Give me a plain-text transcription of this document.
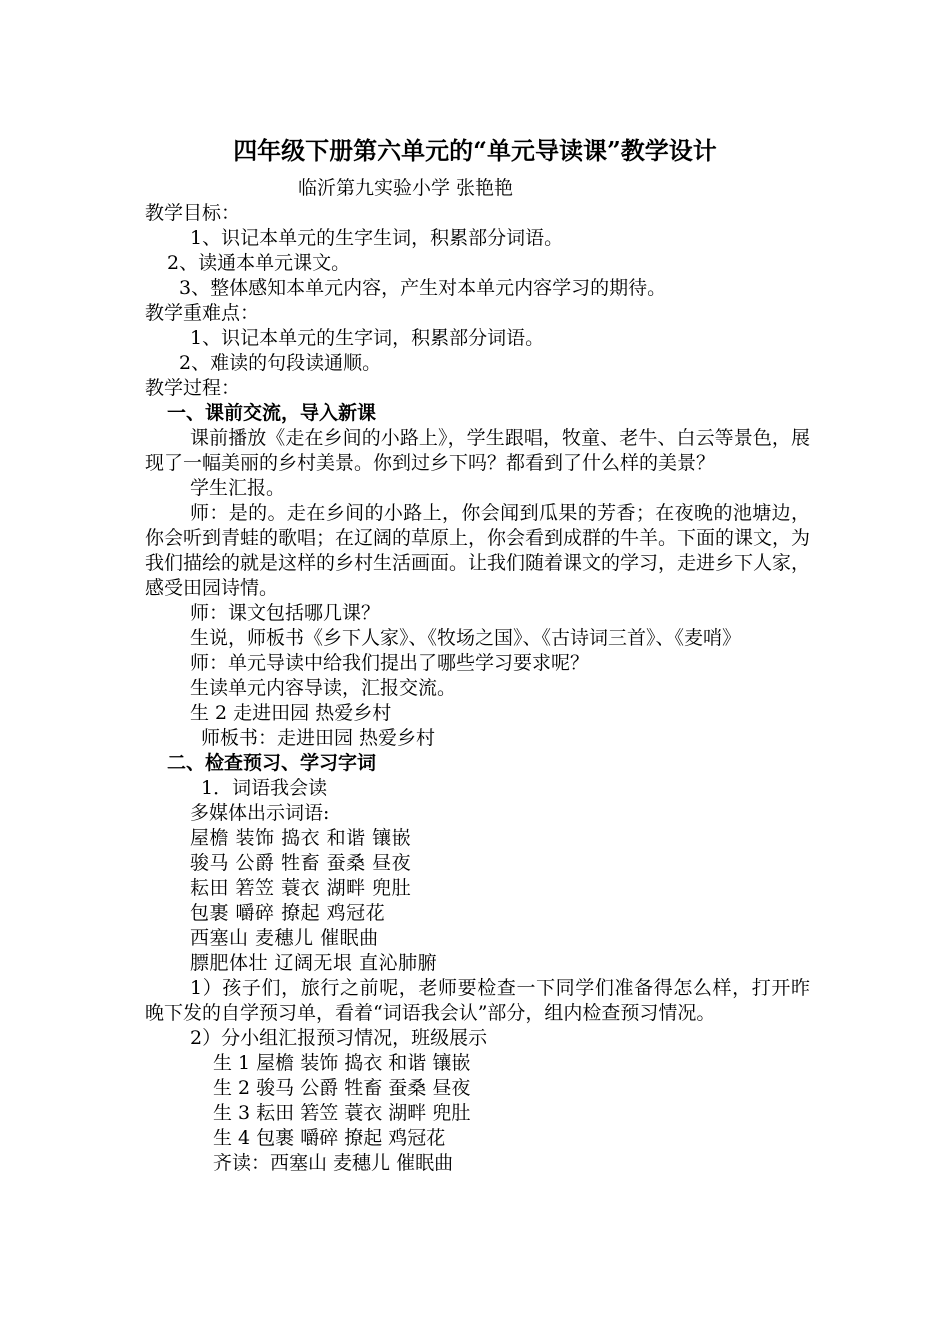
四年级下册第六单元的“单元导读课”教学设计
临沂第九实验小学 张艳艳

教学目标：

1、识记本单元的生字生词，积累部分词语。

2、读通本单元课文。

3、整体感知本单元内容，产生对本单元内容学习的期待。

教学重难点：

1、识记本单元的生字词，积累部分词语。

2、难读的句段读通顺。

教学过程：

一、课前交流，导入新课

课前播放《走在乡间的小路上》，学生跟唱，牧童、老牛、白云等景色，展现了一幅美丽的乡村美景。你到过乡下吗？都看到了什么样的美景？

学生汇报。

师：是的。走在乡间的小路上，你会闻到瓜果的芳香；在夜晚的池塘边，你会听到青蛙的歌唱；在辽阔的草原上，你会看到成群的牛羊。下面的课文，为我们描绘的就是这样的乡村生活画面。让我们随着课文的学习，走进乡下人家，感受田园诗情。

师：课文包括哪几课？

生说，师板书《乡下人家》、《牧场之国》、《古诗词三首》、《麦哨》

师：单元导读中给我们提出了哪些学习要求呢？

生读单元内容导读，汇报交流。

生 2 走进田园 热爱乡村

师板书：走进田园 热爱乡村

二、检查预习、学习字词

1．词语我会读

多媒体出示词语:

屋檐 装饰 捣衣 和谐 镶嵌

骏马 公爵 牲畜 蚕桑 昼夜

耘田 箬笠 蓑衣 湖畔 兜肚

包裹 嚼碎 撩起 鸡冠花

西塞山 麦穗儿 催眠曲

膘肥体壮 辽阔无垠 直沁肺腑

1）孩子们，旅行之前呢，老师要检查一下同学们准备得怎么样，打开昨晚下发的自学预习单，看着“词语我会认”部分，组内检查预习情况。

2）分小组汇报预习情况，班级展示

生 1 屋檐 装饰 捣衣 和谐 镶嵌

生 2 骏马 公爵 牲畜 蚕桑 昼夜

生 3 耘田 箬笠 蓑衣 湖畔 兜肚

生 4 包裹 嚼碎 撩起 鸡冠花

齐读：西塞山 麦穗儿 催眠曲
